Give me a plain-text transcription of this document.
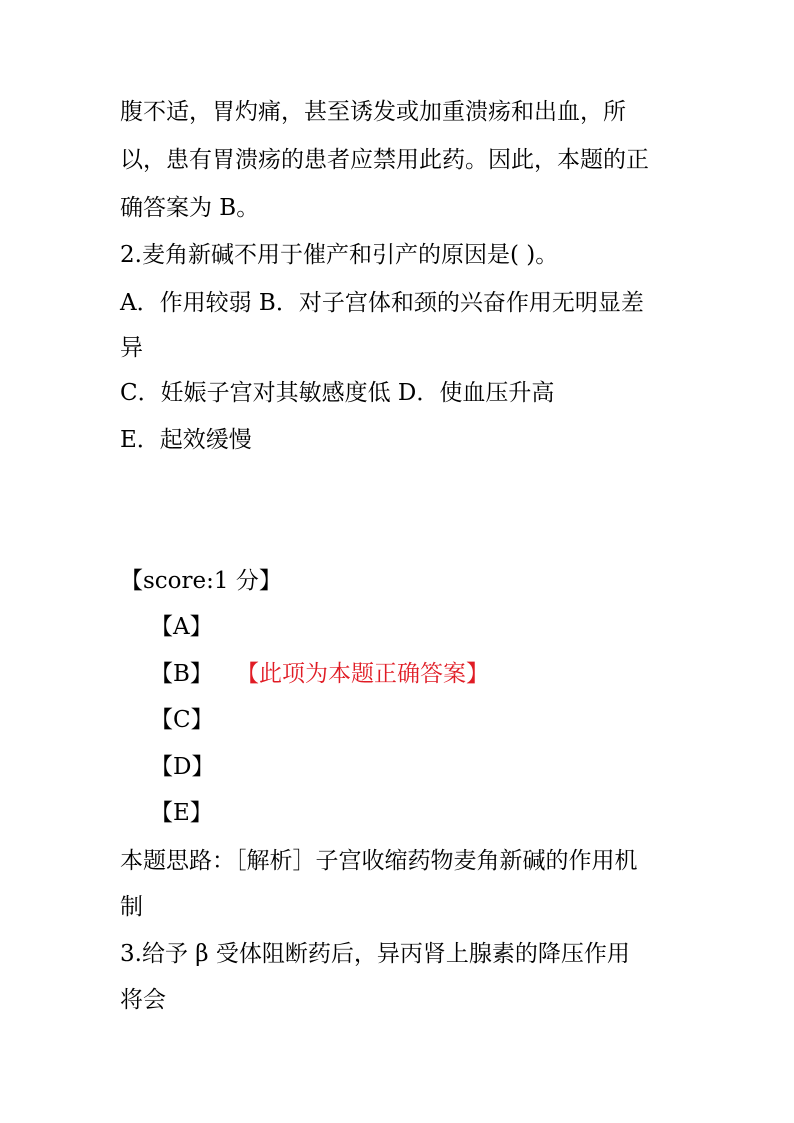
腹不适，胃灼痛，甚至诱发或加重溃疡和出血，所
以，患有胃溃疡的患者应禁用此药。因此，本题的正
确答案为 B。
2.麦角新碱不用于催产和引产的原因是( )。
A．作用较弱 B．对子宫体和颈的兴奋作用无明显差
异
C．妊娠子宫对其敏感度低 D．使血压升高
E．起效缓慢
【score:1 分】
【A】
【B】 【此项为本题正确答案】
【C】
【D】
【E】
本题思路：［解析］子宫收缩药物麦角新碱的作用机
制
3.给予 β 受体阻断药后，异丙肾上腺素的降压作用
将会
